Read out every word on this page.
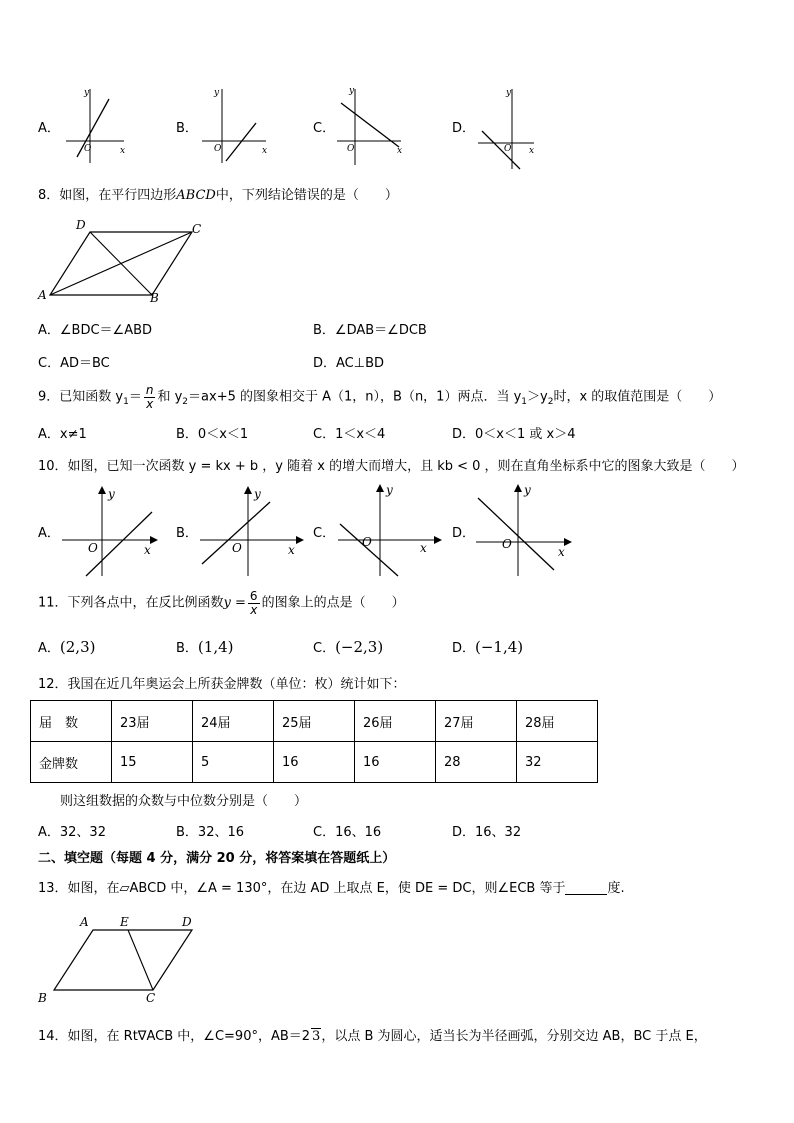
A．
y
x
O
B．
y
x
O
C．
y
x
O
D．
y
x
O
8．如图，在平行四边形ABCD中，下列结论错误的是（　　）
D	C
A	B
A．∠BDC＝∠ABD	B．∠DAB＝∠DCB
C．AD＝BC	D．AC⊥BD
9．已知函数 $y_1= \frac{n}{x}$ 和 $y_2=ax+5$ 的图象相交于 A（1，n），B（n，1）两点．当 $y_1>y_2$时，x 的取值范围是（　　）
A．x≠1	B．0＜x＜1	C．1＜x＜4	D．0＜x＜1 或 x＞4
10．如图，已知一次函数 y = kx + b ，y 随着 x 的增大而增大，且 kb < 0 ，则在直角坐标系中它的图象大致是（　　）
A．
y
x
O
B．
y
x
O
C．
y
x
O
D．
y
x
O
11．下列各点中，在反比例函数$y = \frac{6}{x}$ 的图象上的点是（　　）
A．(2,3)	B．(1,4)	C．(−2,3)	D．(−1,4)
12．我国在近几年奥运会上所获金牌数（单位：枚）统计如下：
届　数	23届	24届	25届	26届	27届	28届
金牌数	15	5	16	16	28	32
则这组数据的众数与中位数分别是（　　）
A．32、32	B．32、16	C．16、16	D．16、32
二、填空题（每题 4 分，满分 20 分，将答案填在答题纸上）
13．如图，在▱ABCD 中，∠A = 130°，在边 AD 上取点 E，使 DE = DC，则∠ECB 等于	度.
A	E	D
B	C
14．如图，在 Rt∇ACB 中，∠C=90°，AB＝2 3，以点 B 为圆心，适当长为半径画弧，分别交边 AB，BC 于点 E，
